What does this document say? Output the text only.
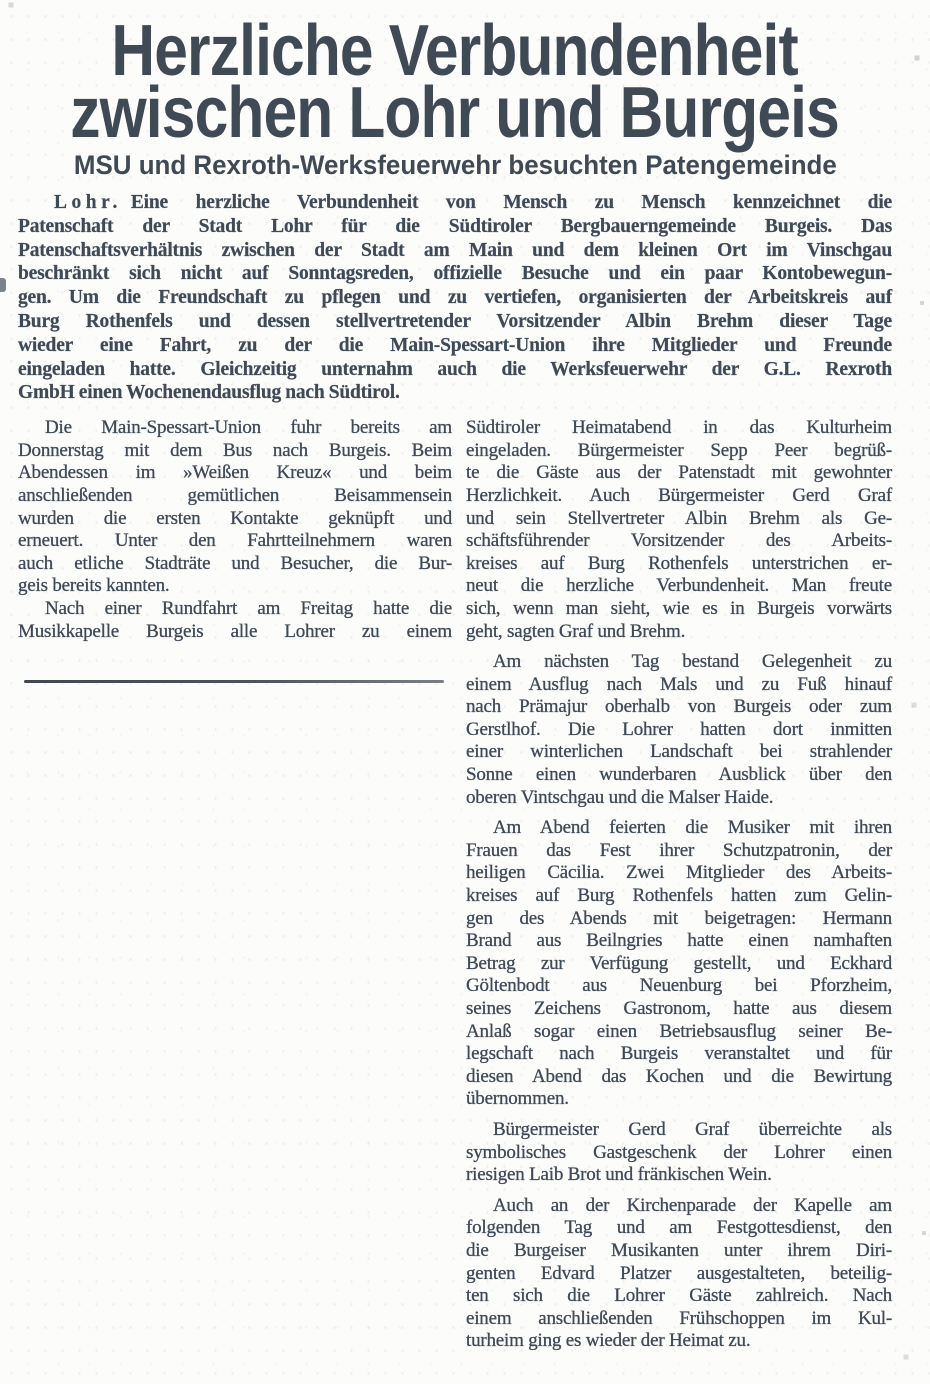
Herzliche Verbundenheit
zwischen Lohr und Burgeis
MSU und Rexroth-Werksfeuerwehr besuchten Patengemeinde
Lohr. Eine herzliche Verbundenheit von Mensch zu Mensch kennzeichnet die
Patenschaft der Stadt Lohr für die Südtiroler Bergbauerngemeinde Burgeis. Das
Patenschaftsverhältnis zwischen der Stadt am Main und dem kleinen Ort im Vinschgau
beschränkt sich nicht auf Sonntagsreden, offizielle Besuche und ein paar Kontobewegun-
gen. Um die Freundschaft zu pflegen und zu vertiefen, organisierten der Arbeitskreis auf
Burg Rothenfels und dessen stellvertretender Vorsitzender Albin Brehm dieser Tage
wieder eine Fahrt, zu der die Main-Spessart-Union ihre Mitglieder und Freunde
eingeladen hatte. Gleichzeitig unternahm auch die Werksfeuerwehr der G.L. Rexroth
GmbH einen Wochenendausflug nach Südtirol.
Die Main-Spessart-Union fuhr bereits am
Donnerstag mit dem Bus nach Burgeis. Beim
Abendessen im »Weißen Kreuz« und beim
anschließenden gemütlichen Beisammensein
wurden die ersten Kontakte geknüpft und
erneuert. Unter den Fahrtteilnehmern waren
auch etliche Stadträte und Besucher, die Bur-
geis bereits kannten.
Nach einer Rundfahrt am Freitag hatte die
Musikkapelle Burgeis alle Lohrer zu einem
Südtiroler Heimatabend in das Kulturheim
eingeladen. Bürgermeister Sepp Peer begrüß-
te die Gäste aus der Patenstadt mit gewohnter
Herzlichkeit. Auch Bürgermeister Gerd Graf
und sein Stellvertreter Albin Brehm als Ge-
schäftsführender Vorsitzender des Arbeits-
kreises auf Burg Rothenfels unterstrichen er-
neut die herzliche Verbundenheit. Man freute
sich, wenn man sieht, wie es in Burgeis vorwärts
geht, sagten Graf und Brehm.
Am nächsten Tag bestand Gelegenheit zu
einem Ausflug nach Mals und zu Fuß hinauf
nach Prämajur oberhalb von Burgeis oder zum
Gerstlhof. Die Lohrer hatten dort inmitten
einer winterlichen Landschaft bei strahlender
Sonne einen wunderbaren Ausblick über den
oberen Vintschgau und die Malser Haide.
Am Abend feierten die Musiker mit ihren
Frauen das Fest ihrer Schutzpatronin, der
heiligen Cäcilia. Zwei Mitglieder des Arbeits-
kreises auf Burg Rothenfels hatten zum Gelin-
gen des Abends mit beigetragen: Hermann
Brand aus Beilngries hatte einen namhaften
Betrag zur Verfügung gestellt, und Eckhard
Göltenbodt aus Neuenburg bei Pforzheim,
seines Zeichens Gastronom, hatte aus diesem
Anlaß sogar einen Betriebsausflug seiner Be-
legschaft nach Burgeis veranstaltet und für
diesen Abend das Kochen und die Bewirtung
übernommen.
Bürgermeister Gerd Graf überreichte als
symbolisches Gastgeschenk der Lohrer einen
riesigen Laib Brot und fränkischen Wein.
Auch an der Kirchenparade der Kapelle am
folgenden Tag und am Festgottesdienst, den
die Burgeiser Musikanten unter ihrem Diri-
genten Edvard Platzer ausgestalteten, beteilig-
ten sich die Lohrer Gäste zahlreich. Nach
einem anschließenden Frühschoppen im Kul-
turheim ging es wieder der Heimat zu.
